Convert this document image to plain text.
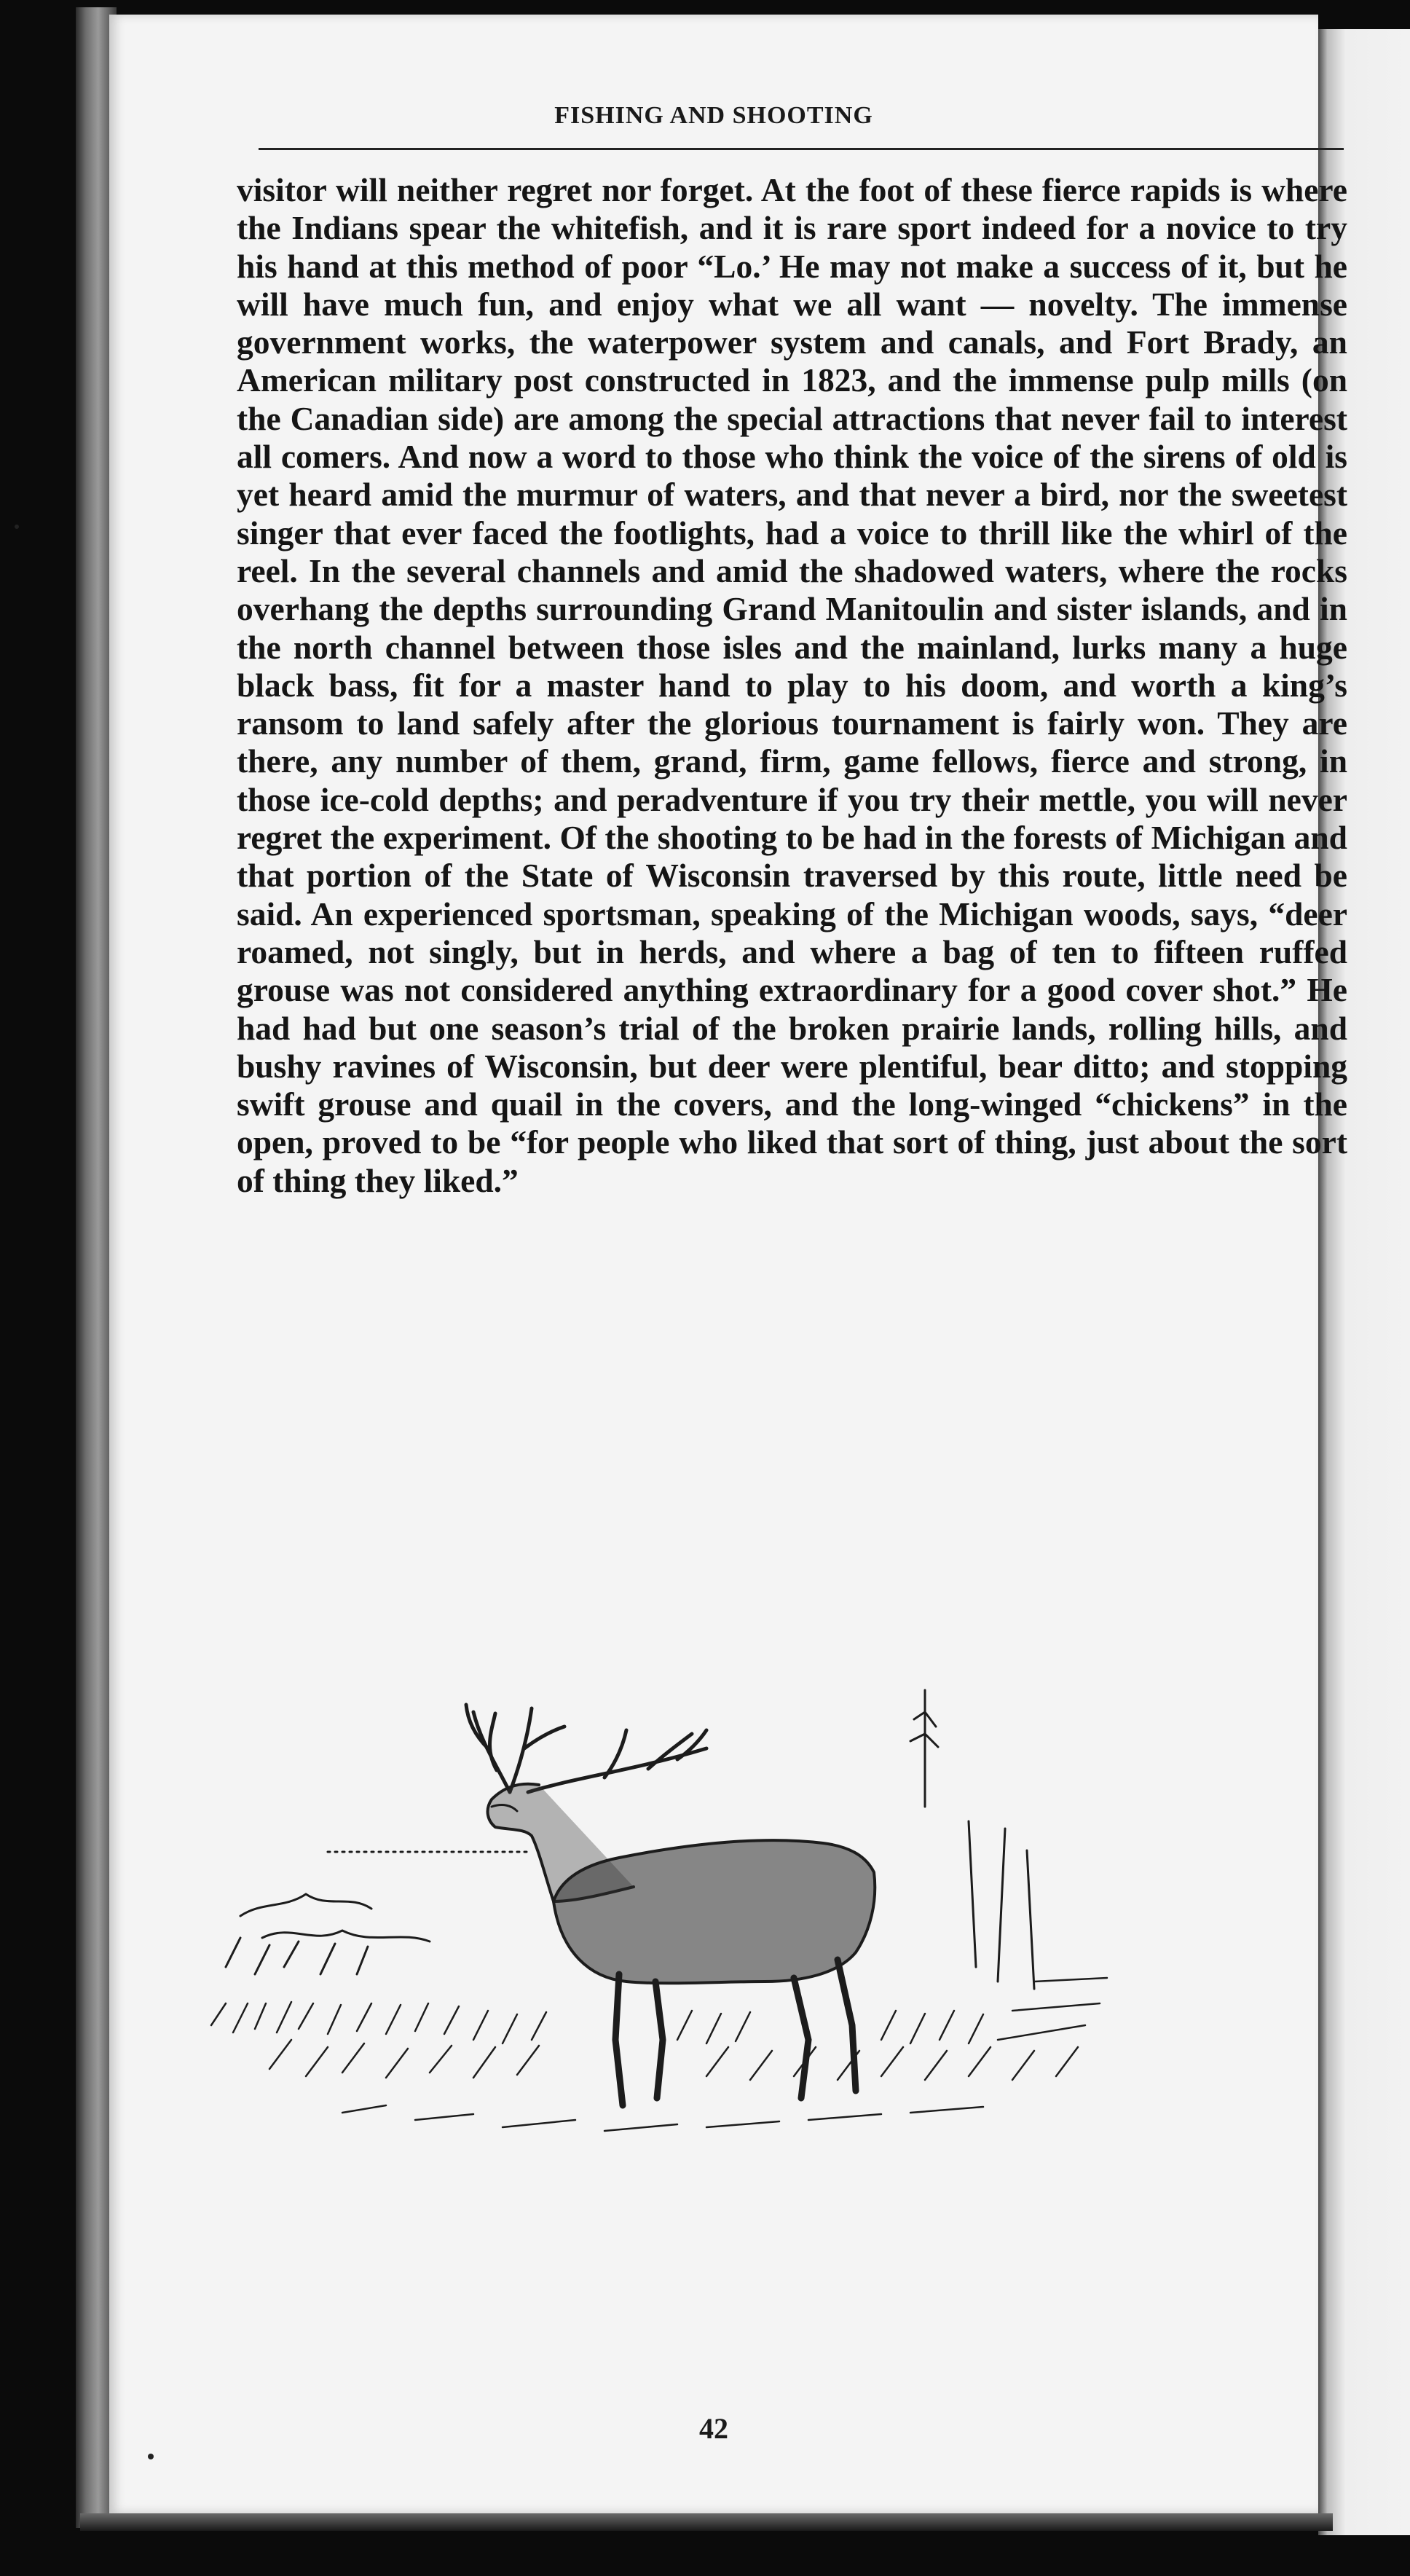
FISHING AND SHOOTING
visitor will neither regret nor forget. At the foot of these fierce rapids is where the Indians spear the whitefish, and it is rare sport indeed for a novice to try his hand at this method of poor “Lo.’ He may not make a success of it, but he will have much fun, and enjoy what we all want — novelty. The immense government works, the waterpower system and canals, and Fort Brady, an American military post constructed in 1823, and the immense pulp mills (on the Canadian side) are among the special attractions that never fail to interest all comers. And now a word to those who think the voice of the sirens of old is yet heard amid the murmur of waters, and that never a bird, nor the sweetest singer that ever faced the footlights, had a voice to thrill like the whirl of the reel. In the several channels and amid the shadowed waters, where the rocks overhang the depths surrounding Grand Manitoulin and sister islands, and in the north channel between those isles and the mainland, lurks many a huge black bass, fit for a master hand to play to his doom, and worth a king’s ransom to land safely after the glorious tournament is fairly won. They are there, any number of them, grand, firm, game fellows, fierce and strong, in those ice-cold depths; and peradventure if you try their mettle, you will never regret the experiment. Of the shooting to be had in the forests of Michigan and that portion of the State of Wisconsin traversed by this route, little need be said. An experienced sportsman, speaking of the Michigan woods, says, “deer roamed, not singly, but in herds, and where a bag of ten to fifteen ruffed grouse was not considered anything extraordinary for a good cover shot.” He had had but one season’s trial of the broken prairie lands, rolling hills, and bushy ravines of Wisconsin, but deer were plentiful, bear ditto; and stopping swift grouse and quail in the covers, and the long-winged “chickens” in the open, proved to be “for people who liked that sort of thing, just about the sort of thing they liked.”
42
